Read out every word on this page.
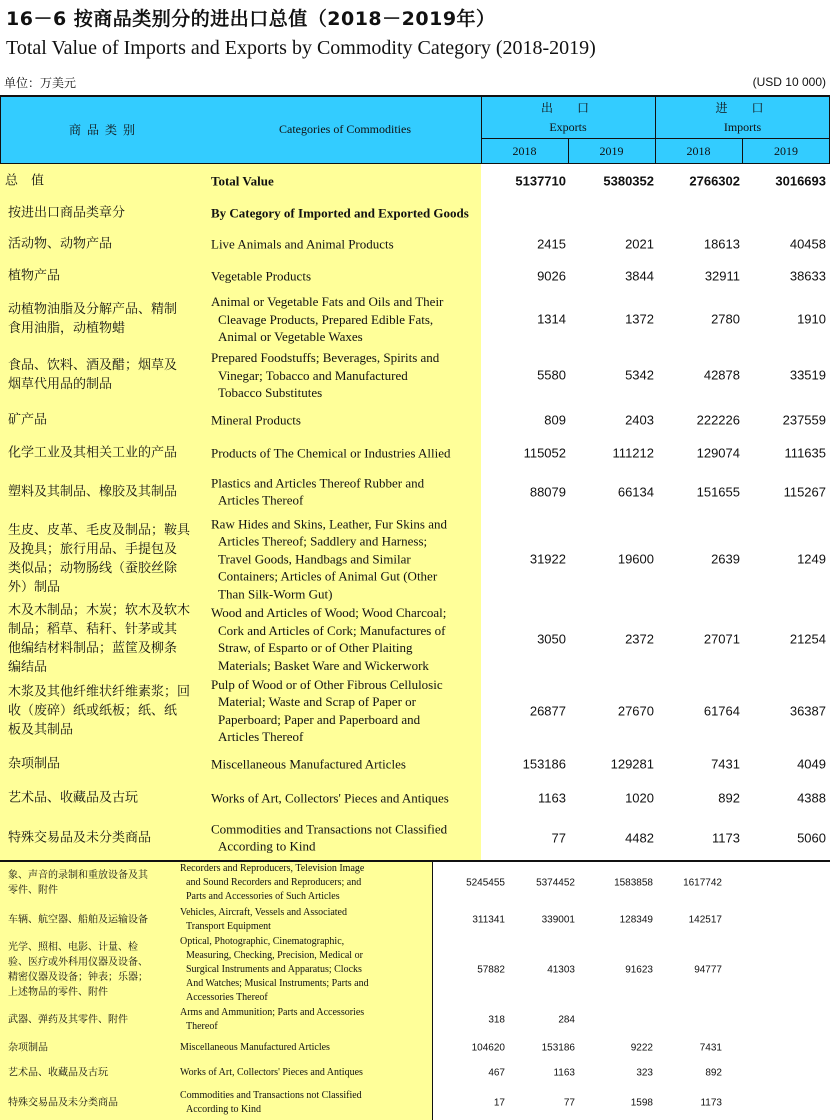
16－6 按商品类别分的进出口总值（2018－2019年）
Total Value of Imports and Exports by Commodity Category (2018-2019)
单位：万美元	(USD 10 000)
商品类别	Categories of Commodities
出　口
Exports
进　口
Imports
2018	2019	2018	2019
总　值	Total Value	5137710	5380352	2766302	3016693
按进出口商品类章分	By Category of Imported and Exported Goods
活动物、动物产品	Live Animals and Animal Products	2415	2021	18613	40458
植物产品	Vegetable Products	9026	3844	32911	38633
动植物油脂及分解产品、精制
食用油脂，动植物蜡
Animal or Vegetable Fats and Oils and Their
Cleavage Products, Prepared Edible Fats,
Animal or Vegetable Waxes
1314	1372	2780	1910
食品、饮料、酒及醋；烟草及
烟草代用品的制品
Prepared Foodstuffs; Beverages, Spirits and
Vinegar; Tobacco and Manufactured
Tobacco Substitutes
5580	5342	42878	33519
矿产品	Mineral Products	809	2403	222226	237559
化学工业及其相关工业的产品	Products of The Chemical or Industries Allied	115052	111212	129074	111635
塑料及其制品、橡胶及其制品
Plastics and Articles Thereof Rubber and
Articles Thereof
88079	66134	151655	115267
生皮、皮革、毛皮及制品；鞍具
及挽具；旅行用品、手提包及
类似品；动物肠线（蚕胶丝除
外）制品
Raw Hides and Skins, Leather, Fur Skins and
Articles Thereof; Saddlery and Harness;
Travel Goods, Handbags and Similar
Containers; Articles of Animal Gut (Other
Than Silk-Worm Gut)
31922	19600	2639	1249
木及木制品；木炭；软木及软木
制品；稻草、秸秆、针茅或其
他编结材料制品；蓝筐及柳条
编结品
Wood and Articles of Wood; Wood Charcoal;
Cork and Articles of Cork; Manufactures of
Straw, of Esparto or of Other Plaiting
Materials; Basket Ware and Wickerwork
3050	2372	27071	21254
木浆及其他纤维状纤维素浆；回
收（废碎）纸或纸板；纸、纸
板及其制品
Pulp of Wood or of Other Fibrous Cellulosic
Material; Waste and Scrap of Paper or
Paperboard; Paper and Paperboard and
Articles Thereof
26877	27670	61764	36387
杂项制品	Miscellaneous Manufactured Articles	153186	129281	7431	4049
艺术品、收藏品及古玩	Works of Art, Collectors' Pieces and Antiques	1163	1020	892	4388
特殊交易品及未分类商品
Commodities and Transactions not Classified
According to Kind
77	4482	1173	5060
象、声音的录制和重放设备及其
零件、附件
Recorders and Reproducers, Television Image
and Sound Recorders and Reproducers; and
Parts and Accessories of Such Articles
5245455	5374452	1583858	1617742
车辆、航空器、船舶及运输设备
Vehicles, Aircraft, Vessels and Associated
Transport Equipment
311341	339001	128349	142517
光学、照相、电影、计量、检
验、医疗或外科用仪器及设备、
精密仪器及设备；钟表；乐器；
上述物品的零件、附件
Optical, Photographic, Cinematographic,
Measuring, Checking, Precision, Medical or
Surgical Instruments and Apparatus; Clocks
And Watches; Musical Instruments; Parts and
Accessories Thereof
57882	41303	91623	94777
武器、弹药及其零件、附件
Arms and Ammunition; Parts and Accessories
Thereof
318	284
杂项制品	Miscellaneous Manufactured Articles	104620	153186	9222	7431
艺术品、收藏品及古玩	Works of Art, Collectors' Pieces and Antiques	467	1163	323	892
特殊交易品及未分类商品
Commodities and Transactions not Classified
According to Kind
17	77	1598	1173
